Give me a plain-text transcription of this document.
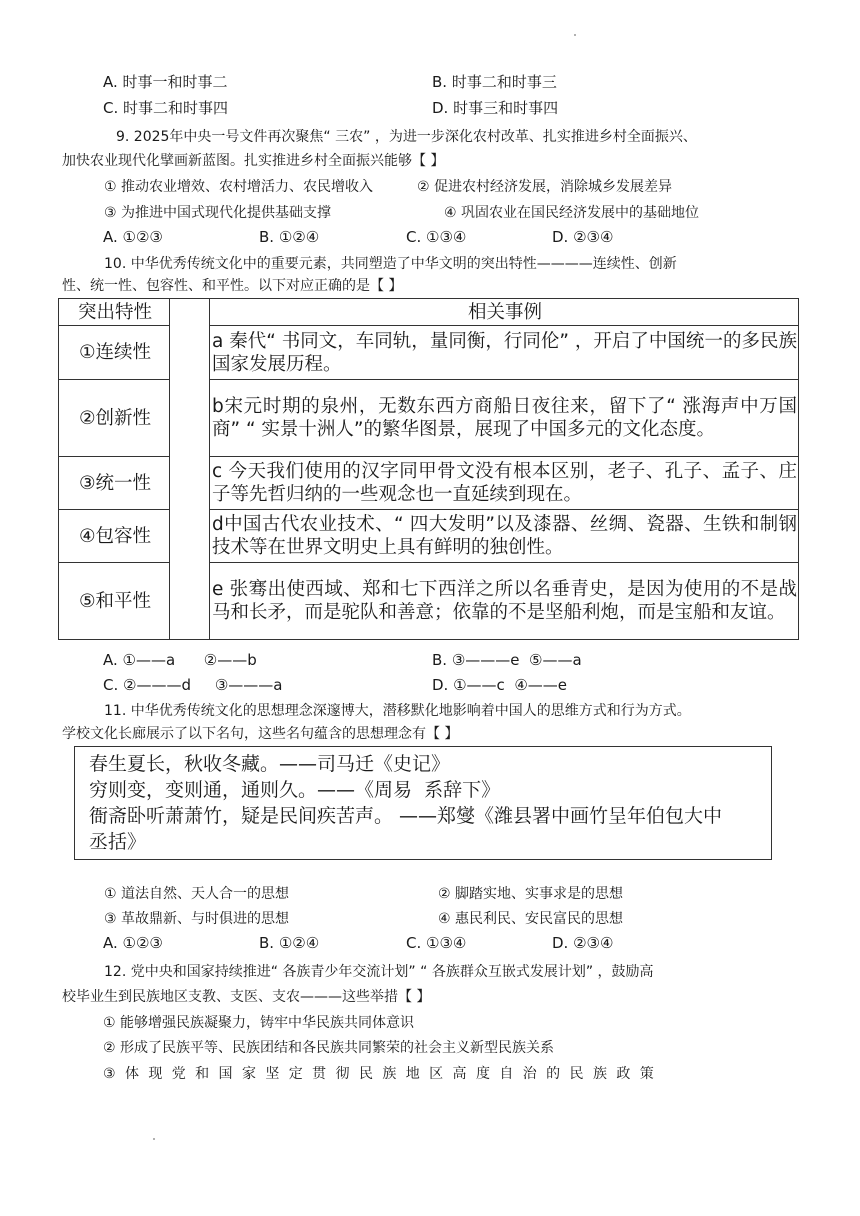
A. 时事一和时事二	B. 时事二和时事三
C. 时事二和时事四	D. 时事三和时事四
9. 2025年中央一号文件再次聚焦“ 三农” ，为进一步深化农村改革、扎实推进乡村全面振兴、
加快农业现代化擘画新蓝图。扎实推进乡村全面振兴能够【 】
① 推动农业增效、农村增活力、农民增收入	② 促进农村经济发展，消除城乡发展差异
③ 为推进中国式现代化提供基础支撑	④ 巩固农业在国民经济发展中的基础地位
A. ①②③	B. ①②④	C. ①③④	D. ②③④
10. 中华优秀传统文化中的重要元素，共同塑造了中华文明的突出特性————连续性、创新
性、统一性、包容性、和平性。以下对应正确的是【 】
突出特性		相关事例
①连续性		a 秦代“ 书同文，车同轨，量同衡，行同伦” ，开启了中国统一的多民族国家发展历程。
②创新性		b宋元时期的泉州，无数东西方商船日夜往来，留下了“ 涨海声中万国商” “ 实景十洲人”的繁华图景，展现了中国多元的文化态度。
③统一性		c 今天我们使用的汉字同甲骨文没有根本区别，老子、孔子、孟子、庄子等先哲归纳的一些观念也一直延续到现在。
④包容性		d中国古代农业技术、“ 四大发明”以及漆器、丝绸、瓷器、生铁和制钢技术等在世界文明史上具有鲜明的独创性。
⑤和平性		e 张骞出使西域、郑和七下西洋之所以名垂青史，是因为使用的不是战马和长矛，而是驼队和善意；依靠的不是坚船利炮，而是宝船和友谊。
A. ①——a      ②——b	B. ③———e  ⑤——a
C. ②———d     ③———a	D. ①——c  ④——e
11. 中华优秀传统文化的思想理念深邃博大，潜移默化地影响着中国人的思维方式和行为方式。
学校文化长廊展示了以下名句，这些名句蕴含的思想理念有【 】
春生夏长，秋收冬藏。——司马迁《史记》
穷则变，变则通，通则久。——《周易  系辞下》
衙斋卧听萧萧竹，疑是民间疾苦声。 ——郑燮《潍县署中画竹呈年伯包大中
丞括》
① 道法自然、天人合一的思想	② 脚踏实地、实事求是的思想
③ 革故鼎新、与时俱进的思想	④ 惠民利民、安民富民的思想
A. ①②③	B. ①②④	C. ①③④	D. ②③④
12. 党中央和国家持续推进“ 各族青少年交流计划” “ 各族群众互嵌式发展计划” ，鼓励高
校毕业生到民族地区支教、支医、支农———这些举措【 】
① 能够增强民族凝聚力，铸牢中华民族共同体意识
② 形成了民族平等、民族团结和各民族共同繁荣的社会主义新型民族关系
③体现党和国家坚定贯彻民族地区高度自治的民族政策
